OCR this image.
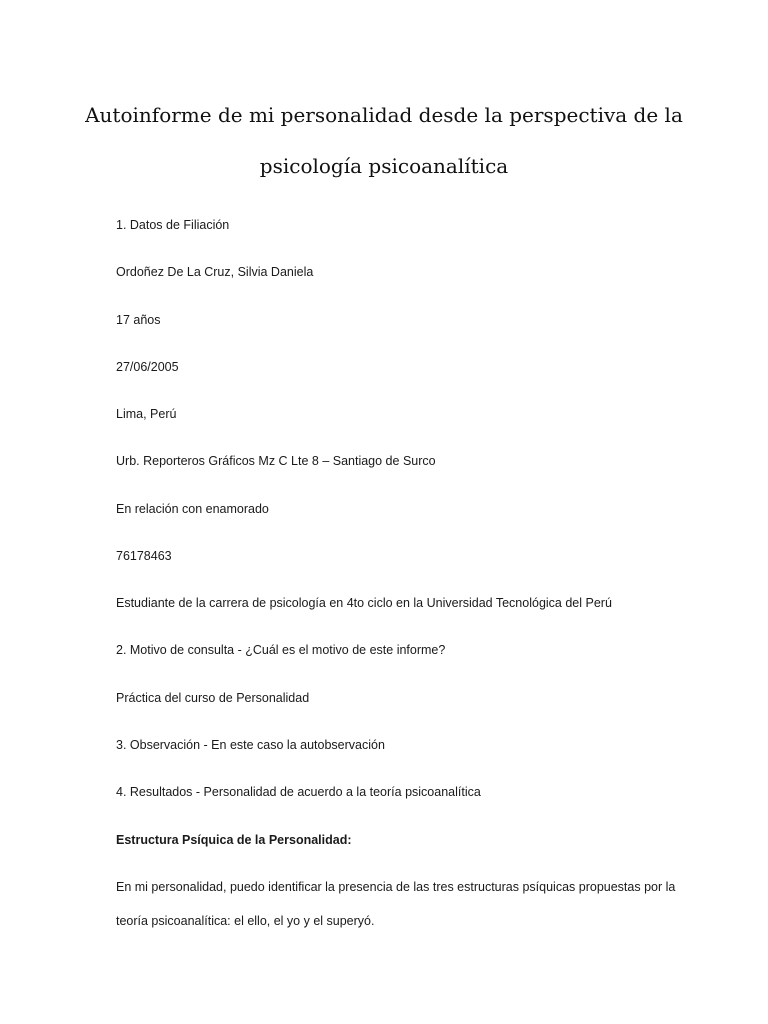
Autoinforme de mi personalidad desde la perspectiva de la
psicología psicoanalítica

1. Datos de Filiación

Ordoñez De La Cruz, Silvia Daniela

17 años

27/06/2005

Lima, Perú

Urb. Reporteros Gráficos Mz C Lte 8 – Santiago de Surco

En relación con enamorado

76178463

Estudiante de la carrera de psicología en 4to ciclo en la Universidad Tecnológica del Perú

2. Motivo de consulta - ¿Cuál es el motivo de este informe?

Práctica del curso de Personalidad

3. Observación - En este caso la autobservación

4. Resultados - Personalidad de acuerdo a la teoría psicoanalítica

Estructura Psíquica de la Personalidad:

En mi personalidad, puedo identificar la presencia de las tres estructuras psíquicas propuestas por la

teoría psicoanalítica: el ello, el yo y el superyó.
